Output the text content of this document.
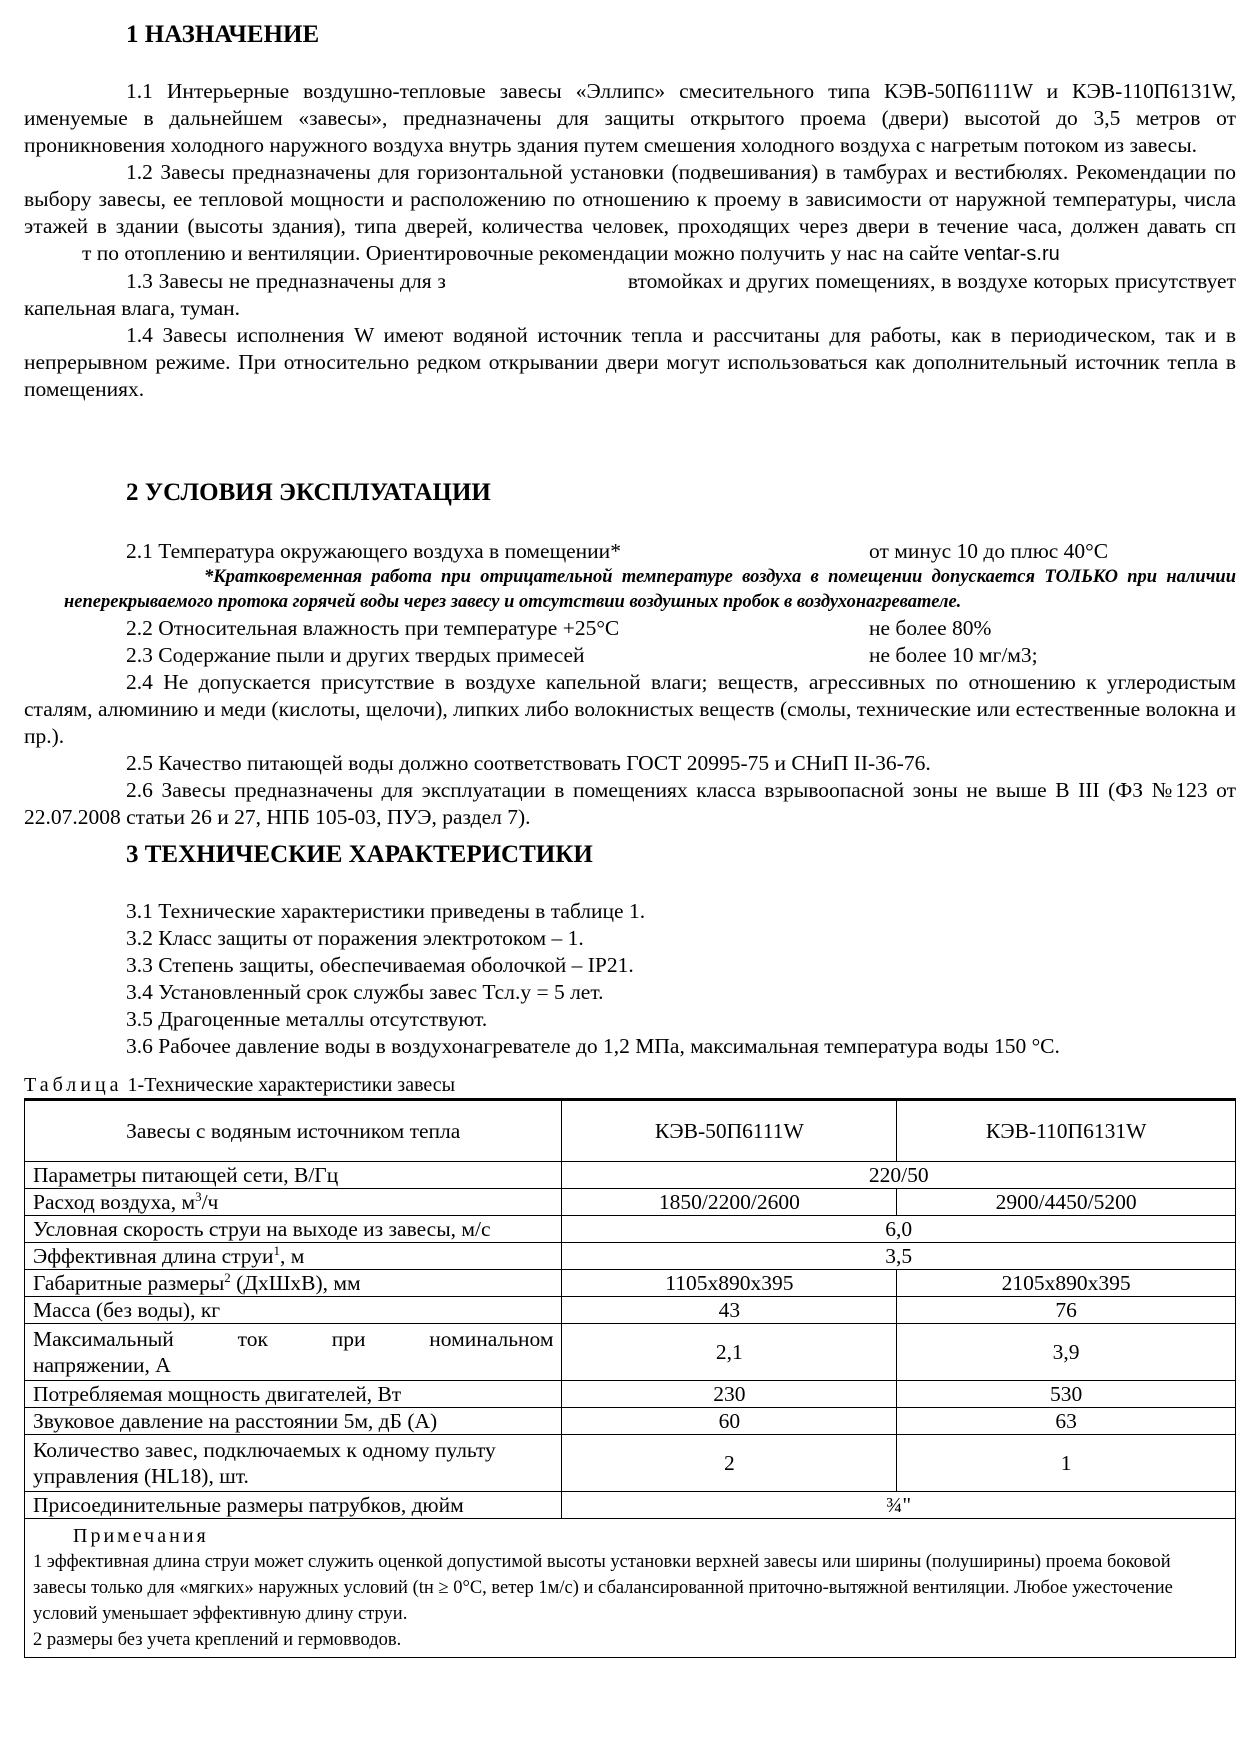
1 НАЗНАЧЕНИЕ

1.1 Интерьерные воздушно-тепловые завесы «Эллипс» смесительного типа КЭВ-50П6111W и КЭВ-110П6131W, именуемые в дальнейшем «завесы», предназначены для защиты открытого проема (двери) высотой до 3,5 метров от проникновения холодного наружного воздуха внутрь здания путем смешения холодного воздуха с нагретым потоком из завесы.

1.2 Завесы предназначены для горизонтальной установки (подвешивания) в тамбурах и вестибюлях. Рекомендации по выбору завесы, ее тепловой мощности и расположению по отношению к проему в зависимости от наружной температуры, числа этажей в здании (высоты здания), типа дверей, количества человек, проходящих через двери в течение часа, должен давать спт по отоплению и вентиляции. Ориентировочные рекомендации можно получить у нас на сайте ventar-s.ru

1.3 Завесы не предназначены для з	втомойках и других помещениях, в воздухе которых присутствует капельная влага, туман.

1.4 Завесы исполнения W имеют водяной источник тепла и рассчитаны для работы, как в периодическом, так и в непрерывном режиме. При относительно редком открывании двери могут использоваться как дополнительный источник тепла в помещениях.

2 УСЛОВИЯ ЭКСПЛУАТАЦИИ
2.1 Температура окружающего воздуха в помещении*	от минус 10 до плюс 40°С

*Кратковременная работа при отрицательной температуре воздуха в помещении допускается ТОЛЬКО при наличии неперекрываемого протока горячей воды через завесу и отсутствии воздушных пробок в воздухонагревателе.

2.2 Относительная влажность при температуре +25°С	не более 80%
2.3 Содержание пыли и других твердых примесей	не более 10 мг/м3;

2.4 Не допускается присутствие в воздухе капельной влаги; веществ, агрессивных по отношению к углеродистым сталям, алюминию и меди (кислоты, щелочи), липких либо волокнистых веществ (смолы, технические или естественные волокна и пр.).

2.5 Качество питающей воды должно соответствовать ГОСТ 20995-75 и СНиП II-36-76.

2.6 Завесы предназначены для эксплуатации в помещениях класса взрывоопасной зоны не выше В III (ФЗ №123 от 22.07.2008 статьи 26 и 27, НПБ 105-03, ПУЭ, раздел 7).

3 ТЕХНИЧЕСКИЕ ХАРАКТЕРИСТИКИ
3.1 Технические характеристики приведены в таблице 1.
3.2 Класс защиты от поражения электротоком – 1.
3.3 Степень защиты, обеспечиваемая оболочкой – IP21.
3.4 Установленный срок службы завес Тсл.у = 5 лет.
3.5 Драгоценные металлы отсутствуют.
3.6 Рабочее давление воды в воздухонагревателе до 1,2 МПа, максимальная температура воды 150 °С.
Таблица 1-Технические характеристики завесы
Завесы с водяным источником тепла	КЭВ-50П6111W	КЭВ-110П6131W
Параметры питающей сети, В/Гц	220/50	
Расход воздуха, $м^3/ч$	1850/2200/2600	2900/4450/5200
Условная скорость струи на выходе из завесы, м/с	6,0	
Эффективная длина струи$^1$, м	3,5	
Габаритные размеры$^2$ (ДхШхВ), мм	1105х890х395	2105х890х395
Масса (без воды), кг	43	76

Максимальный ток при номинальном
напряжении, А	2,1	3,9
Потребляемая мощность двигателей, Вт	230	530
Звуковое давление на расстоянии 5м, дБ (А)	60	63

Количество завес, подключаемых к одному пульту
управления (HL18), шт.	2	1
Присоединительные размеры патрубков, дюйм	¾"	

Примечания
1 эффективная длина струи может служить оценкой допустимой высоты установки верхней завесы или ширины (полуширины) проема боковой завесы только для «мягких» наружных условий (tн ≥ 0°С, ветер 1м/с) и сбалансированной приточно-вытяжной вентиляции. Любое ужесточение условий уменьшает эффективную длину струи.
2 размеры без учета креплений и гермовводов.		
